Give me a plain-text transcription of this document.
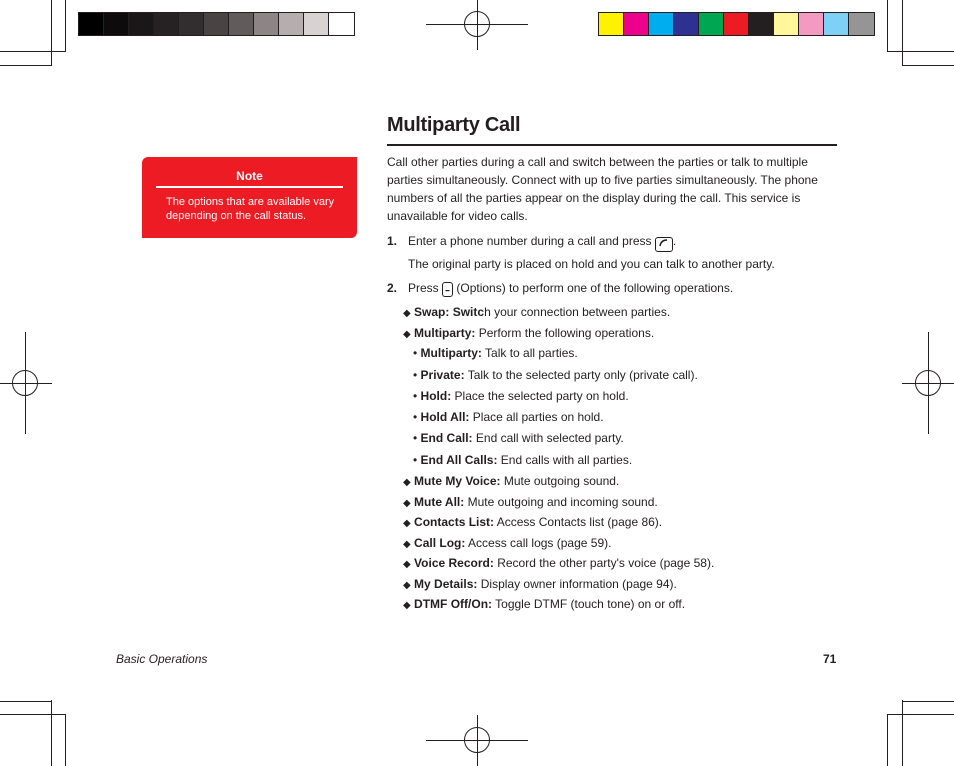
Multiparty Call
Note
The options that are available vary depending on the call status.
Call other parties during a call and switch between the parties or talk to multiple parties simultaneously. Connect with up to five parties simultaneously. The phone numbers of all the parties appear on the display during the call. This service is unavailable for video calls.
1. Enter a phone number during a call and press .
The original party is placed on hold and you can talk to another party.
2. Press (Options) to perform one of the following operations.
◆ Swap: Switch your connection between parties.
◆ Multiparty: Perform the following operations.
• Multiparty: Talk to all parties.
• Private: Talk to the selected party only (private call).
• Hold: Place the selected party on hold.
• Hold All: Place all parties on hold.
• End Call: End call with selected party.
• End All Calls: End calls with all parties.
◆ Mute My Voice: Mute outgoing sound.
◆ Mute All: Mute outgoing and incoming sound.
◆ Contacts List: Access Contacts list (page 86).
◆ Call Log: Access call logs (page 59).
◆ Voice Record: Record the other party's voice (page 58).
◆ My Details: Display owner information (page 94).
◆ DTMF Off/On: Toggle DTMF (touch tone) on or off.
Basic Operations	71
